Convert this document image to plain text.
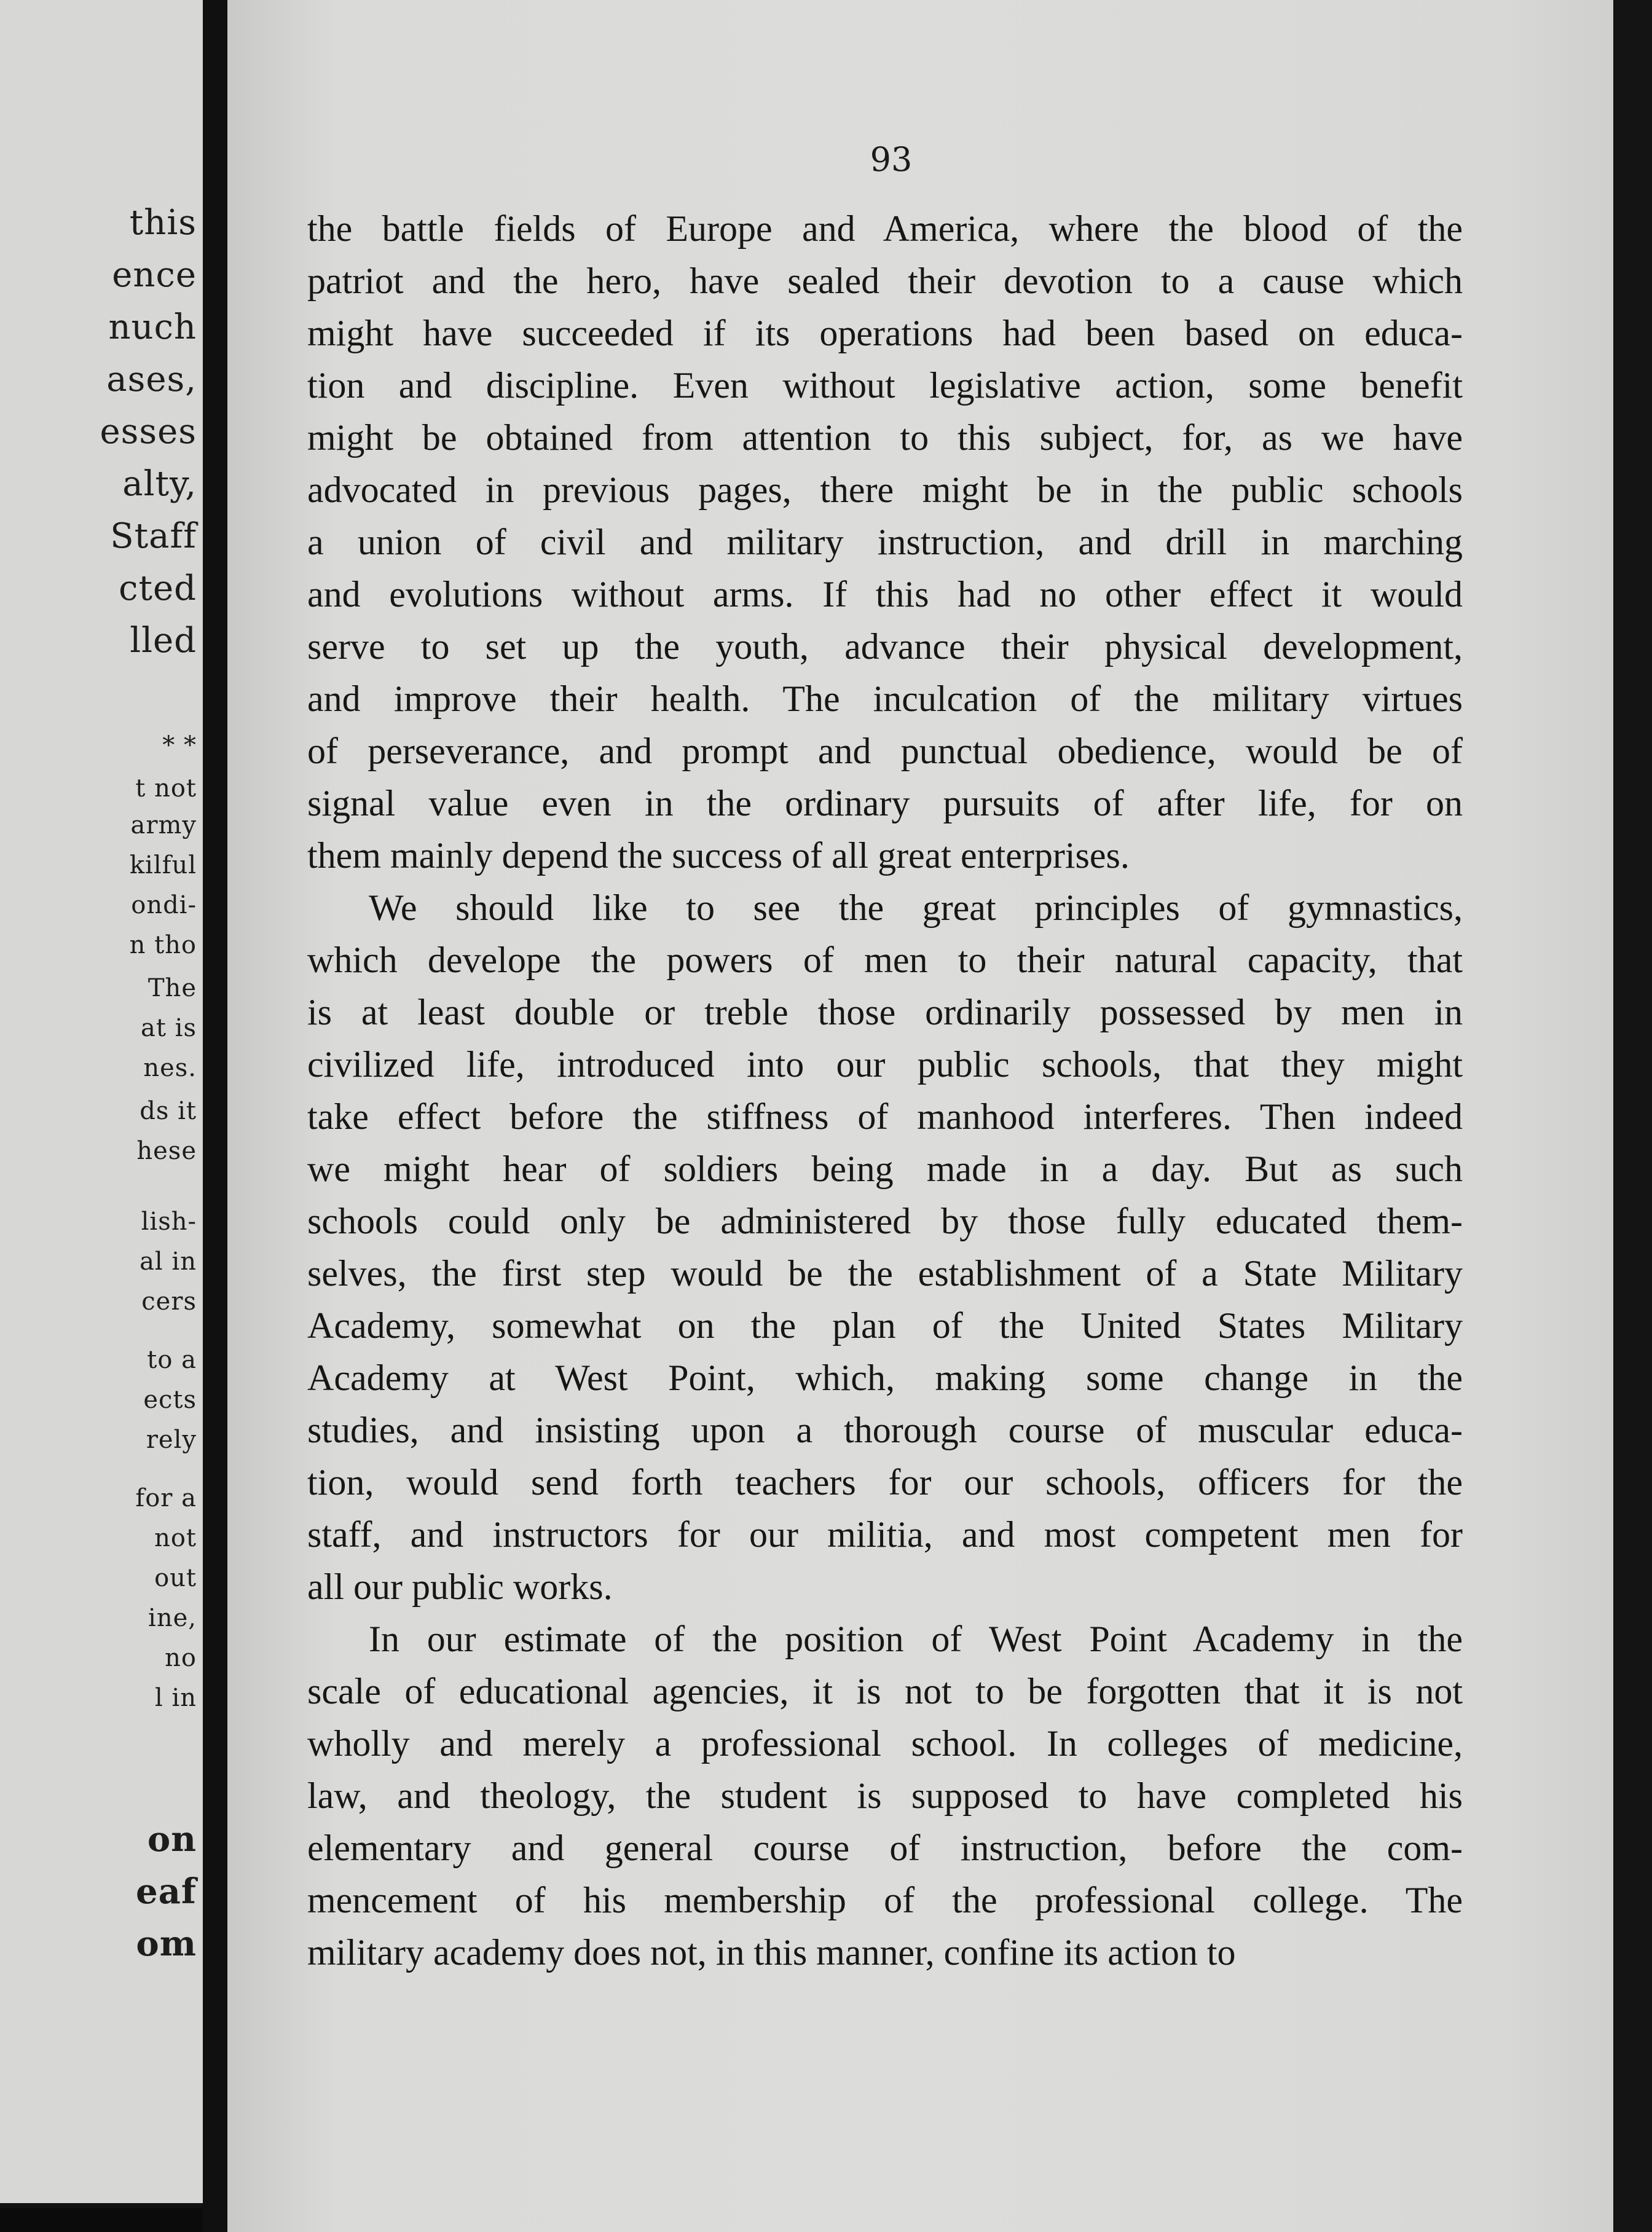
this
ence
nuch
ases,
esses
alty,
Staff
cted
lled
* *
t not
army
kilful
ondi-
n tho
The
at is
nes.
ds it
hese
lish-
al in
cers
to a
ects
rely
for a
not
out
ine,
no
l in
on
eaf
om
93
the battle fields of Europe and America, where the blood of the
patriot and the hero, have sealed their devotion to a cause which
might have succeeded if its operations had been based on educa-
tion and discipline. Even without legislative action, some benefit
might be obtained from attention to this subject, for, as we have
advocated in previous pages, there might be in the public schools
a union of civil and military instruction, and drill in marching
and evolutions without arms. If this had no other effect it would
serve to set up the youth, advance their physical development,
and improve their health. The inculcation of the military virtues
of perseverance, and prompt and punctual obedience, would be of
signal value even in the ordinary pursuits of after life, for on
them mainly depend the success of all great enterprises.
We should like to see the great principles of gymnastics,
which develope the powers of men to their natural capacity, that
is at least double or treble those ordinarily possessed by men in
civilized life, introduced into our public schools, that they might
take effect before the stiffness of manhood interferes. Then indeed
we might hear of soldiers being made in a day. But as such
schools could only be administered by those fully educated them-
selves, the first step would be the establishment of a State Military
Academy, somewhat on the plan of the United States Military
Academy at West Point, which, making some change in the
studies, and insisting upon a thorough course of muscular educa-
tion, would send forth teachers for our schools, officers for the
staff, and instructors for our militia, and most competent men for
all our public works.
In our estimate of the position of West Point Academy in the
scale of educational agencies, it is not to be forgotten that it is not
wholly and merely a professional school. In colleges of medicine,
law, and theology, the student is supposed to have completed his
elementary and general course of instruction, before the com-
mencement of his membership of the professional college. The
military academy does not, in this manner, confine its action to
